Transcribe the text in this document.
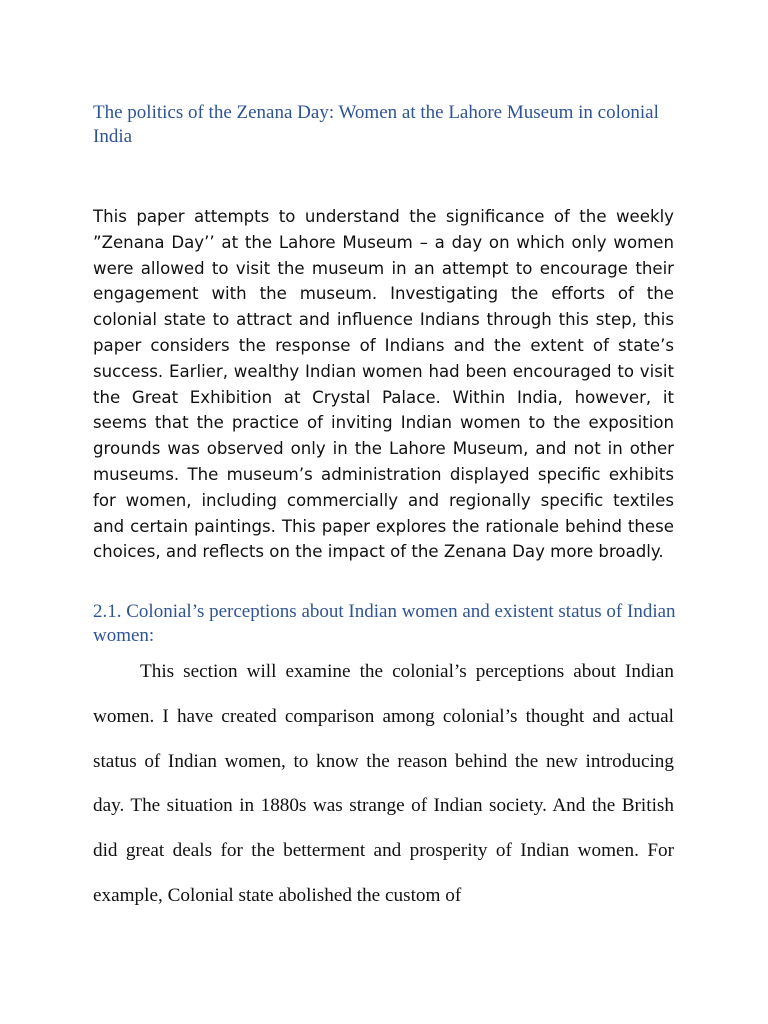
The politics of the Zenana Day: Women at the Lahore Museum in colonial India

This paper attempts to understand the significance of the weekly ”Zenana Day’’ at the Lahore Museum – a day on which only women were allowed to visit the museum in an attempt to encourage their engagement with the museum. Investigating the efforts of the colonial state to attract and influence Indians through this step, this paper considers the response of Indians and the extent of state’s success. Earlier, wealthy Indian women had been encouraged to visit the Great Exhibition at Crystal Palace. Within India, however, it seems that the practice of inviting Indian women to the exposition grounds was observed only in the Lahore Museum, and not in other museums. The museum’s administration displayed specific exhibits for women, including commercially and regionally specific textiles and certain paintings. This paper explores the rationale behind these choices, and reflects on the impact of the Zenana Day more broadly.

2.1. Colonial’s perceptions about Indian women and existent status of Indian women:

This section will examine the colonial’s perceptions about Indian women. I have created comparison among colonial’s thought and actual status of Indian women, to know the reason behind the new introducing day. The situation in 1880s was strange of Indian society. And the British did great deals for the betterment and prosperity of Indian women. For example, Colonial state abolished the custom of
